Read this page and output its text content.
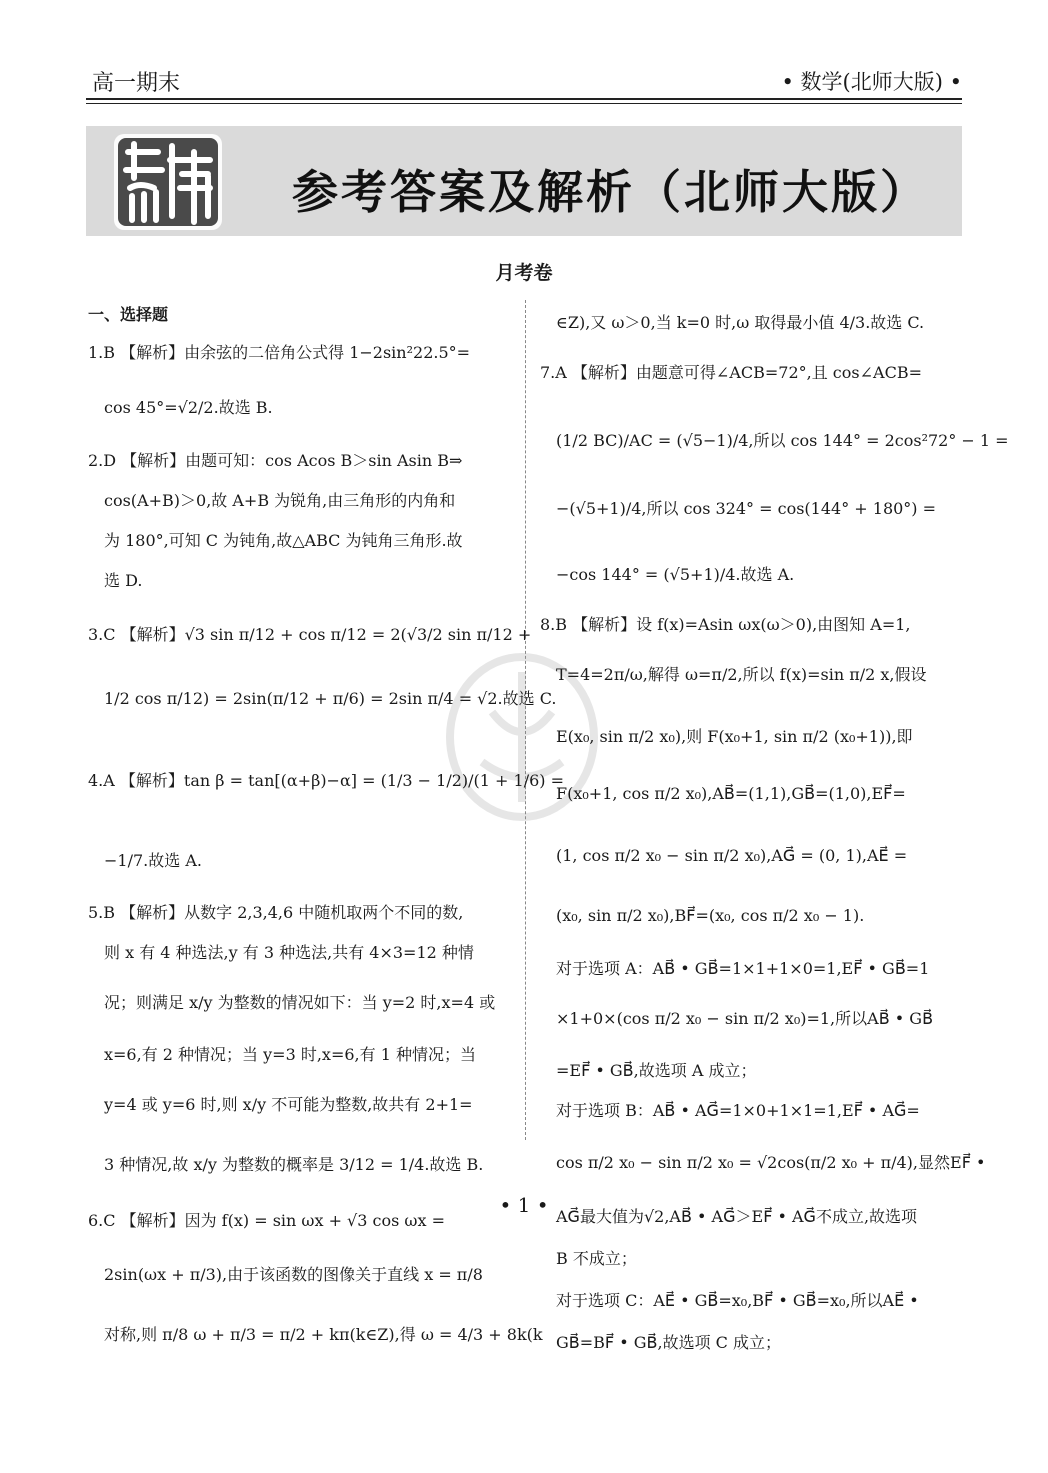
高一期末	• 数学(北师大版) •
参考答案及解析（北师大版）
月考卷
一、选择题
1.B 【解析】由余弦的二倍角公式得 1−2sin²22.5°=
cos 45°=√2/2.故选 B.
2.D 【解析】由题可知：cos Acos B＞sin Asin B⇒
cos(A+B)＞0,故 A+B 为锐角,由三角形的内角和
为 180°,可知 C 为钝角,故△ABC 为钝角三角形.故
选 D.
3.C 【解析】√3 sin π/12 + cos π/12 = 2(√3/2 sin π/12 +
1/2 cos π/12) = 2sin(π/12 + π/6) = 2sin π/4 = √2.故选 C.
4.A 【解析】tan β = tan[(α+β)−α] = (1/3 − 1/2)/(1 + 1/6) =
−1/7.故选 A.
5.B 【解析】从数字 2,3,4,6 中随机取两个不同的数,
则 x 有 4 种选法,y 有 3 种选法,共有 4×3=12 种情
况；则满足 x/y 为整数的情况如下：当 y=2 时,x=4 或
x=6,有 2 种情况；当 y=3 时,x=6,有 1 种情况；当
y=4 或 y=6 时,则 x/y 不可能为整数,故共有 2+1=
3 种情况,故 x/y 为整数的概率是 3/12 = 1/4.故选 B.
6.C 【解析】因为 f(x) = sin ωx + √3 cos ωx =
2sin(ωx + π/3),由于该函数的图像关于直线 x = π/8
对称,则 π/8 ω + π/3 = π/2 + kπ(k∈Z),得 ω = 4/3 + 8k(k
∈Z),又 ω＞0,当 k=0 时,ω 取得最小值 4/3.故选 C.
7.A 【解析】由题意可得∠ACB=72°,且 cos∠ACB=
(1/2 BC)/AC = (√5−1)/4,所以 cos 144° = 2cos²72° − 1 =
−(√5+1)/4,所以 cos 324° = cos(144° + 180°) =
−cos 144° = (√5+1)/4.故选 A.
8.B 【解析】设 f(x)=Asin ωx(ω＞0),由图知 A=1,
T=4=2π/ω,解得 ω=π/2,所以 f(x)=sin π/2 x,假设
E(x₀, sin π/2 x₀),则 F(x₀+1, sin π/2 (x₀+1)),即
F(x₀+1, cos π/2 x₀),AB⃗=(1,1),GB⃗=(1,0),EF⃗=
(1, cos π/2 x₀ − sin π/2 x₀),AG⃗ = (0, 1),AE⃗ =
(x₀, sin π/2 x₀),BF⃗=(x₀, cos π/2 x₀ − 1).
对于选项 A：AB⃗ • GB⃗=1×1+1×0=1,EF⃗ • GB⃗=1
×1+0×(cos π/2 x₀ − sin π/2 x₀)=1,所以AB⃗ • GB⃗
=EF⃗ • GB⃗,故选项 A 成立；
对于选项 B：AB⃗ • AG⃗=1×0+1×1=1,EF⃗ • AG⃗=
cos π/2 x₀ − sin π/2 x₀ = √2cos(π/2 x₀ + π/4),显然EF⃗ •
AG⃗最大值为√2,AB⃗ • AG⃗＞EF⃗ • AG⃗不成立,故选项
B 不成立；
对于选项 C：AE⃗ • GB⃗=x₀,BF⃗ • GB⃗=x₀,所以AE⃗ •
GB⃗=BF⃗ • GB⃗,故选项 C 成立；
• 1 •
